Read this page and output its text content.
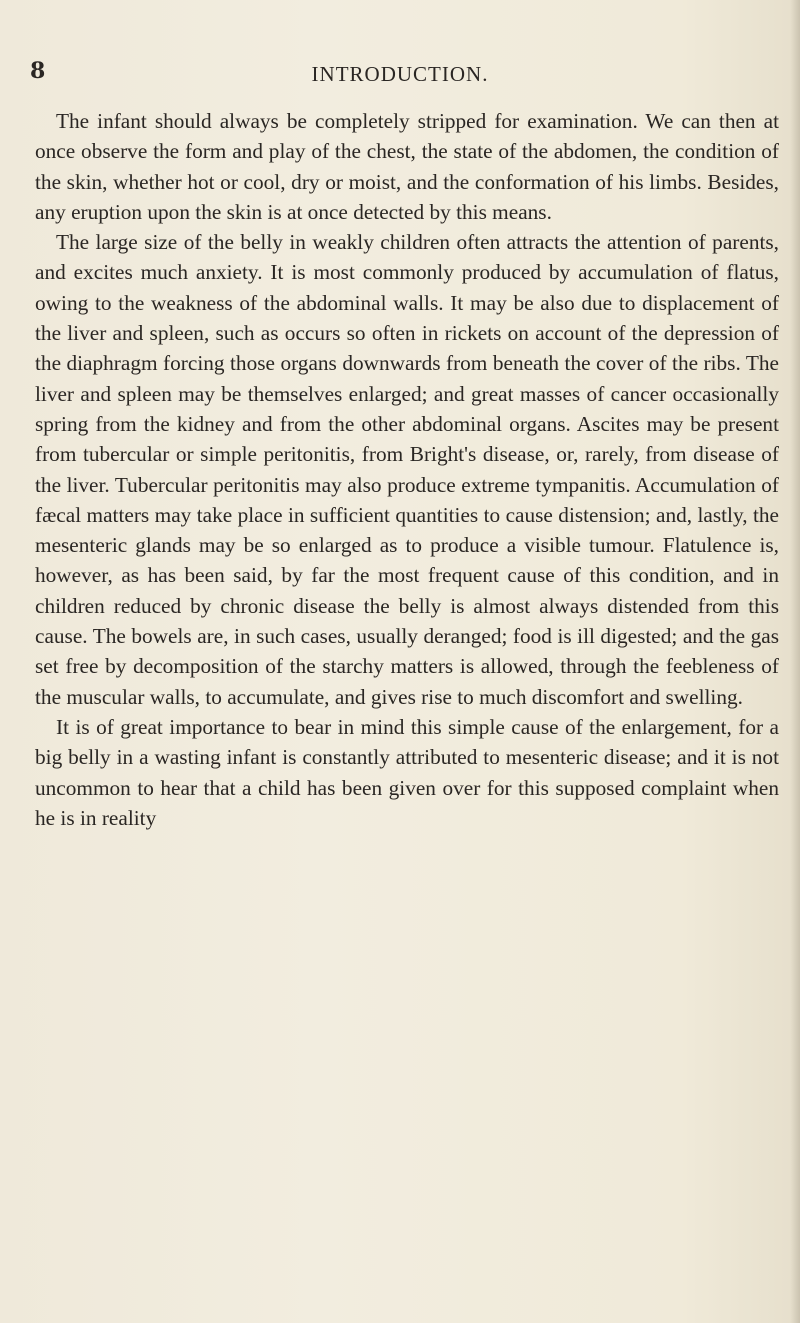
8	INTRODUCTION.

The infant should always be completely stripped for examination. We can then at once observe the form and play of the chest, the state of the abdomen, the condition of the skin, whether hot or cool, dry or moist, and the conformation of his limbs. Besides, any eruption upon the skin is at once detected by this means.

The large size of the belly in weakly children often attracts the attention of parents, and excites much anxiety. It is most commonly produced by accumulation of flatus, owing to the weakness of the abdominal walls. It may be also due to displacement of the liver and spleen, such as occurs so often in rickets on account of the depression of the diaphragm forcing those organs downwards from beneath the cover of the ribs. The liver and spleen may be themselves enlarged; and great masses of cancer occasionally spring from the kidney and from the other abdominal organs. Ascites may be present from tubercular or simple peritonitis, from Bright's disease, or, rarely, from disease of the liver. Tubercular peritonitis may also produce extreme tympanitis. Accumulation of fæcal matters may take place in sufficient quantities to cause distension; and, lastly, the mesenteric glands may be so enlarged as to produce a visible tumour. Flatulence is, however, as has been said, by far the most frequent cause of this condition, and in children reduced by chronic disease the belly is almost always distended from this cause. The bowels are, in such cases, usually deranged; food is ill digested; and the gas set free by decomposition of the starchy matters is allowed, through the feebleness of the muscular walls, to accumulate, and gives rise to much discomfort and swelling.

It is of great importance to bear in mind this simple cause of the enlargement, for a big belly in a wasting infant is constantly attributed to mesenteric disease; and it is not uncommon to hear that a child has been given over for this supposed complaint when he is in reality
